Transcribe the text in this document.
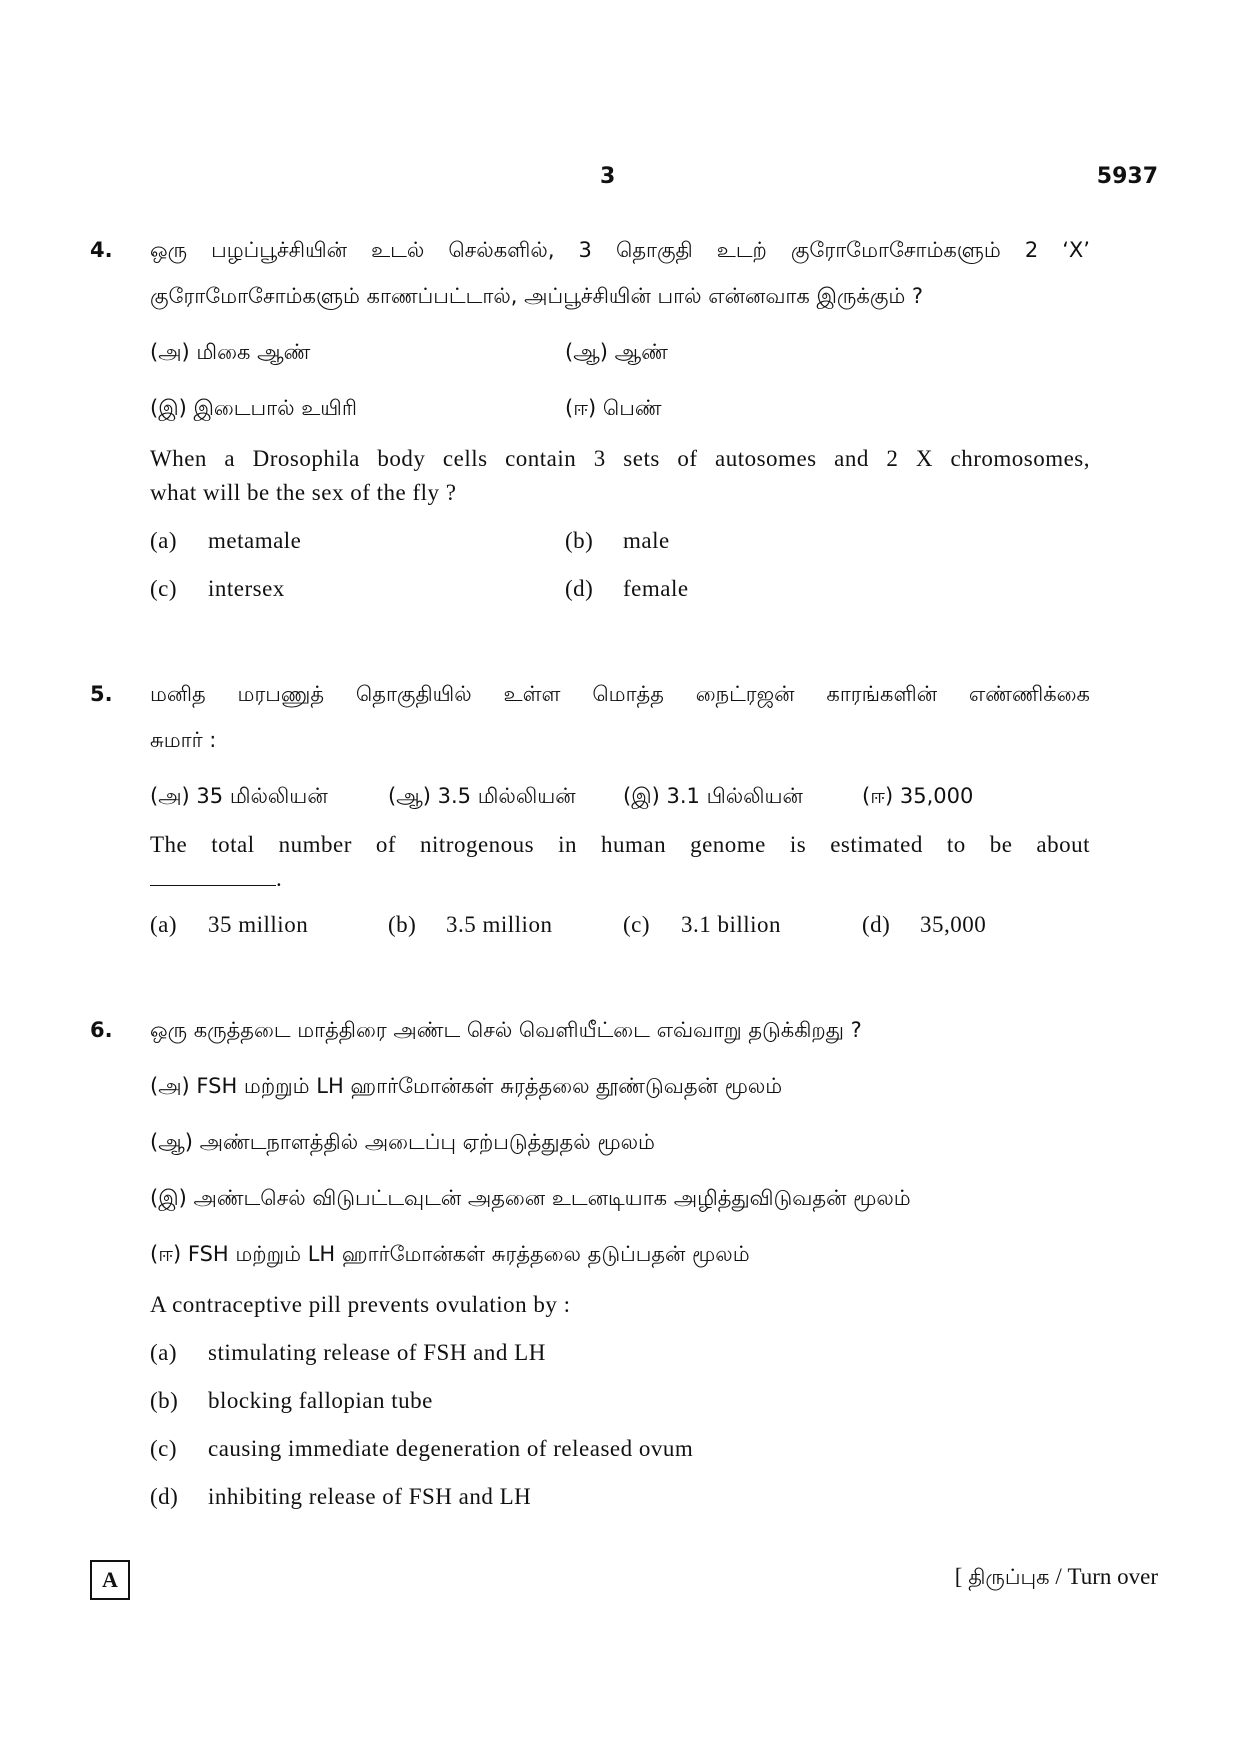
3	5937
4. ஒரு பழப்பூச்சியின் உடல் செல்களில், 3 தொகுதி உடற் குரோமோசோம்களும் 2 ‘X’
குரோமோசோம்களும் காணப்பட்டால், அப்பூச்சியின் பால் என்னவாக இருக்கும் ?
(அ) மிகை ஆண்	(ஆ) ஆண்
(இ) இடைபால் உயிரி	(ஈ) பெண்
When a Drosophila body cells contain 3 sets of autosomes and 2 X chromosomes,
what will be the sex of the fly ?
(a) metamale	(b) male
(c) intersex	(d) female
5. மனித மரபணுத் தொகுதியில் உள்ள மொத்த நைட்ரஜன் காரங்களின் எண்ணிக்கை
சுமார் :
(அ) 35 மில்லியன்	(ஆ) 3.5 மில்லியன் (இ) 3.1 பில்லியன்	(ஈ) 35,000
The total number of nitrogenous in human genome is estimated to be about
.
(a) 35 million	(b) 3.5 million	(c) 3.1 billion	(d) 35,000
6. ஒரு கருத்தடை மாத்திரை அண்ட செல் வெளியீட்டை எவ்வாறு தடுக்கிறது ?
(அ) FSH மற்றும் LH ஹார்மோன்கள் சுரத்தலை தூண்டுவதன் மூலம்
(ஆ) அண்டநாளத்தில் அடைப்பு ஏற்படுத்துதல் மூலம்
(இ) அண்டசெல் விடுபட்டவுடன் அதனை உடனடியாக அழித்துவிடுவதன் மூலம்
(ஈ) FSH மற்றும் LH ஹார்மோன்கள் சுரத்தலை தடுப்பதன் மூலம்
A contraceptive pill prevents ovulation by :
(a) stimulating release of FSH and LH
(b) blocking fallopian tube
(c) causing immediate degeneration of released ovum
(d) inhibiting release of FSH and LH
A	[ திருப்புக / Turn over
